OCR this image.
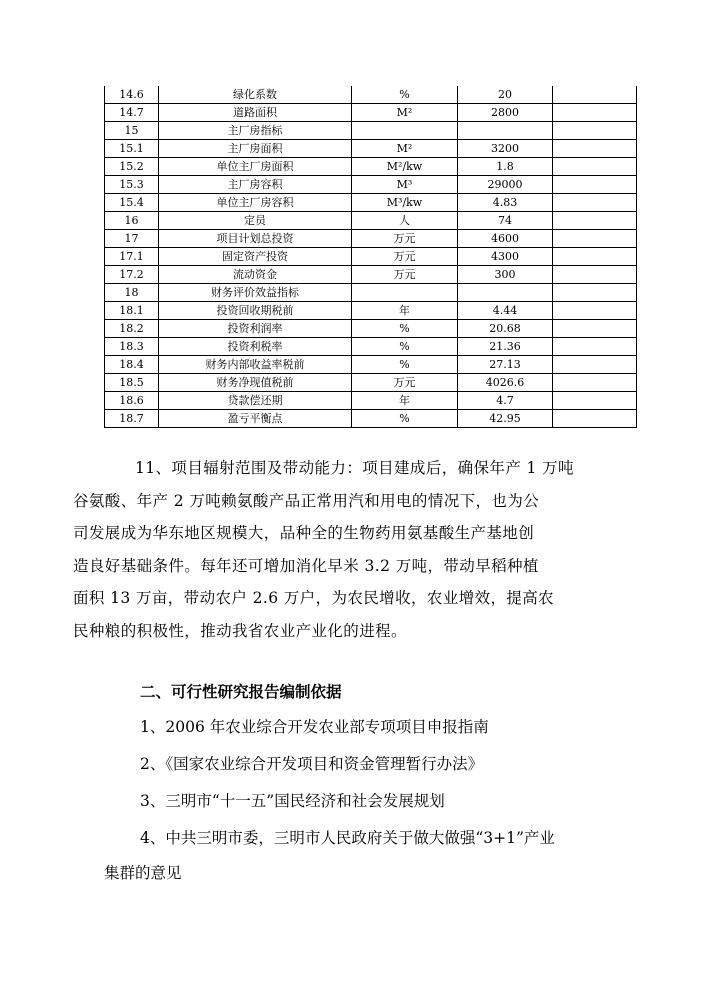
14.6	绿化系数	%	20	
14.7	道路面积	M²	2800	
15	主厂房指标			
15.1	主厂房面积	M²	3200	
15.2	单位主厂房面积	M²/kw	1.8	
15.3	主厂房容积	M³	29000	
15.4	单位主厂房容积	M³/kw	4.83	
16	定员	人	74	
17	项目计划总投资	万元	4600	
17.1	固定资产投资	万元	4300	
17.2	流动资金	万元	300	
18	财务评价效益指标			
18.1	投资回收期税前	年	4.44	
18.2	投资利润率	%	20.68	
18.3	投资利税率	%	21.36	
18.4	财务内部收益率税前	%	27.13	
18.5	财务净现值税前	万元	4026.6	
18.6	贷款偿还期	年	4.7	
18.7	盈亏平衡点	%	42.95	
11、项目辐射范围及带动能力：项目建成后，确保年产 1 万吨
谷氨酸、年产 2 万吨赖氨酸产品正常用汽和用电的情况下，也为公
司发展成为华东地区规模大，品种全的生物药用氨基酸生产基地创
造良好基础条件。每年还可增加消化早米 3.2 万吨，带动早稻种植
面积 13 万亩，带动农户 2.6 万户，为农民增收，农业增效，提高农
民种粮的积极性，推动我省农业产业化的进程。
二、可行性研究报告编制依据
1、2006 年农业综合开发农业部专项项目申报指南
2、《国家农业综合开发项目和资金管理暂行办法》
3、三明市“十一五”国民经济和社会发展规划
4、中共三明市委，三明市人民政府关于做大做强“3+1”产业
集群的意见
